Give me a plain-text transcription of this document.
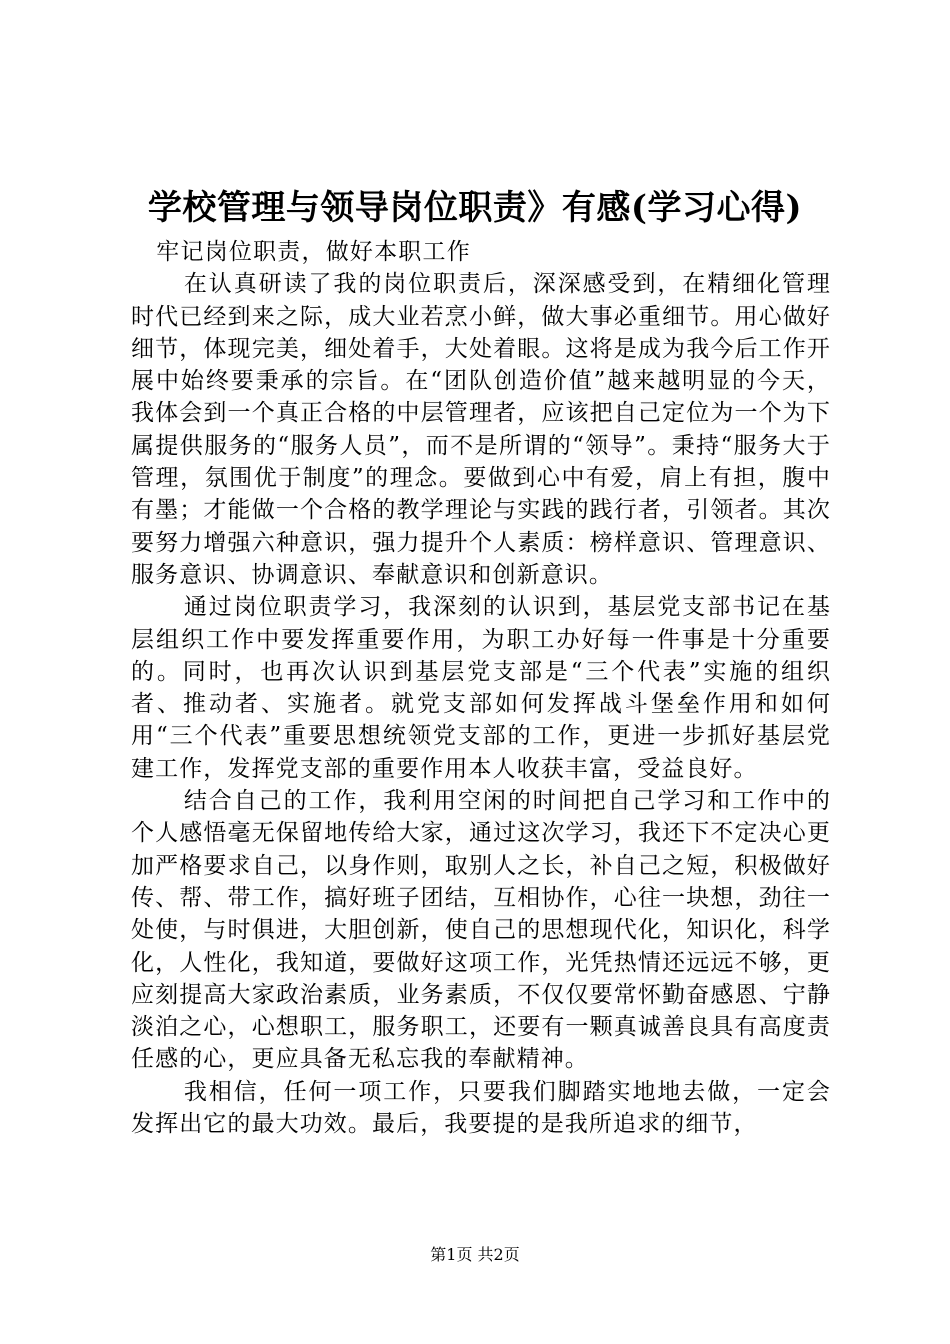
学校管理与领导岗位职责》有感(学习心得)

牢记岗位职责，做好本职工作

在认真研读了我的岗位职责后，深深感受到，在精细化管理时代已经到来之际，成大业若烹小鲜，做大事必重细节。用心做好细节，体现完美，细处着手，大处着眼。这将是成为我今后工作开展中始终要秉承的宗旨。在“团队创造价值”越来越明显的今天，我体会到一个真正合格的中层管理者，应该把自己定位为一个为下属提供服务的“服务人员”，而不是所谓的“领导”。秉持“服务大于管理，氛围优于制度”的理念。要做到心中有爱，肩上有担，腹中有墨；才能做一个合格的教学理论与实践的践行者，引领者。其次要努力增强六种意识，强力提升个人素质：榜样意识、管理意识、服务意识、协调意识、奉献意识和创新意识。

通过岗位职责学习，我深刻的认识到，基层党支部书记在基层组织工作中要发挥重要作用，为职工办好每一件事是十分重要的。同时，也再次认识到基层党支部是“三个代表”实施的组织者、推动者、实施者。就党支部如何发挥战斗堡垒作用和如何用“三个代表”重要思想统领党支部的工作，更进一步抓好基层党建工作，发挥党支部的重要作用本人收获丰富，受益良好。

结合自己的工作，我利用空闲的时间把自己学习和工作中的个人感悟毫无保留地传给大家，通过这次学习，我还下不定决心更加严格要求自己，以身作则，取别人之长，补自己之短，积极做好传、帮、带工作，搞好班子团结，互相协作，心往一块想，劲往一处使，与时俱进，大胆创新，使自己的思想现代化，知识化，科学化，人性化，我知道，要做好这项工作，光凭热情还远远不够，更应刻提高大家政治素质，业务素质，不仅仅要常怀勤奋感恩、宁静淡泊之心，心想职工，服务职工，还要有一颗真诚善良具有高度责任感的心，更应具备无私忘我的奉献精神。

我相信，任何一项工作，只要我们脚踏实地地去做，一定会发挥出它的最大功效。最后，我要提的是我所追求的细节，

第1页 共2页
